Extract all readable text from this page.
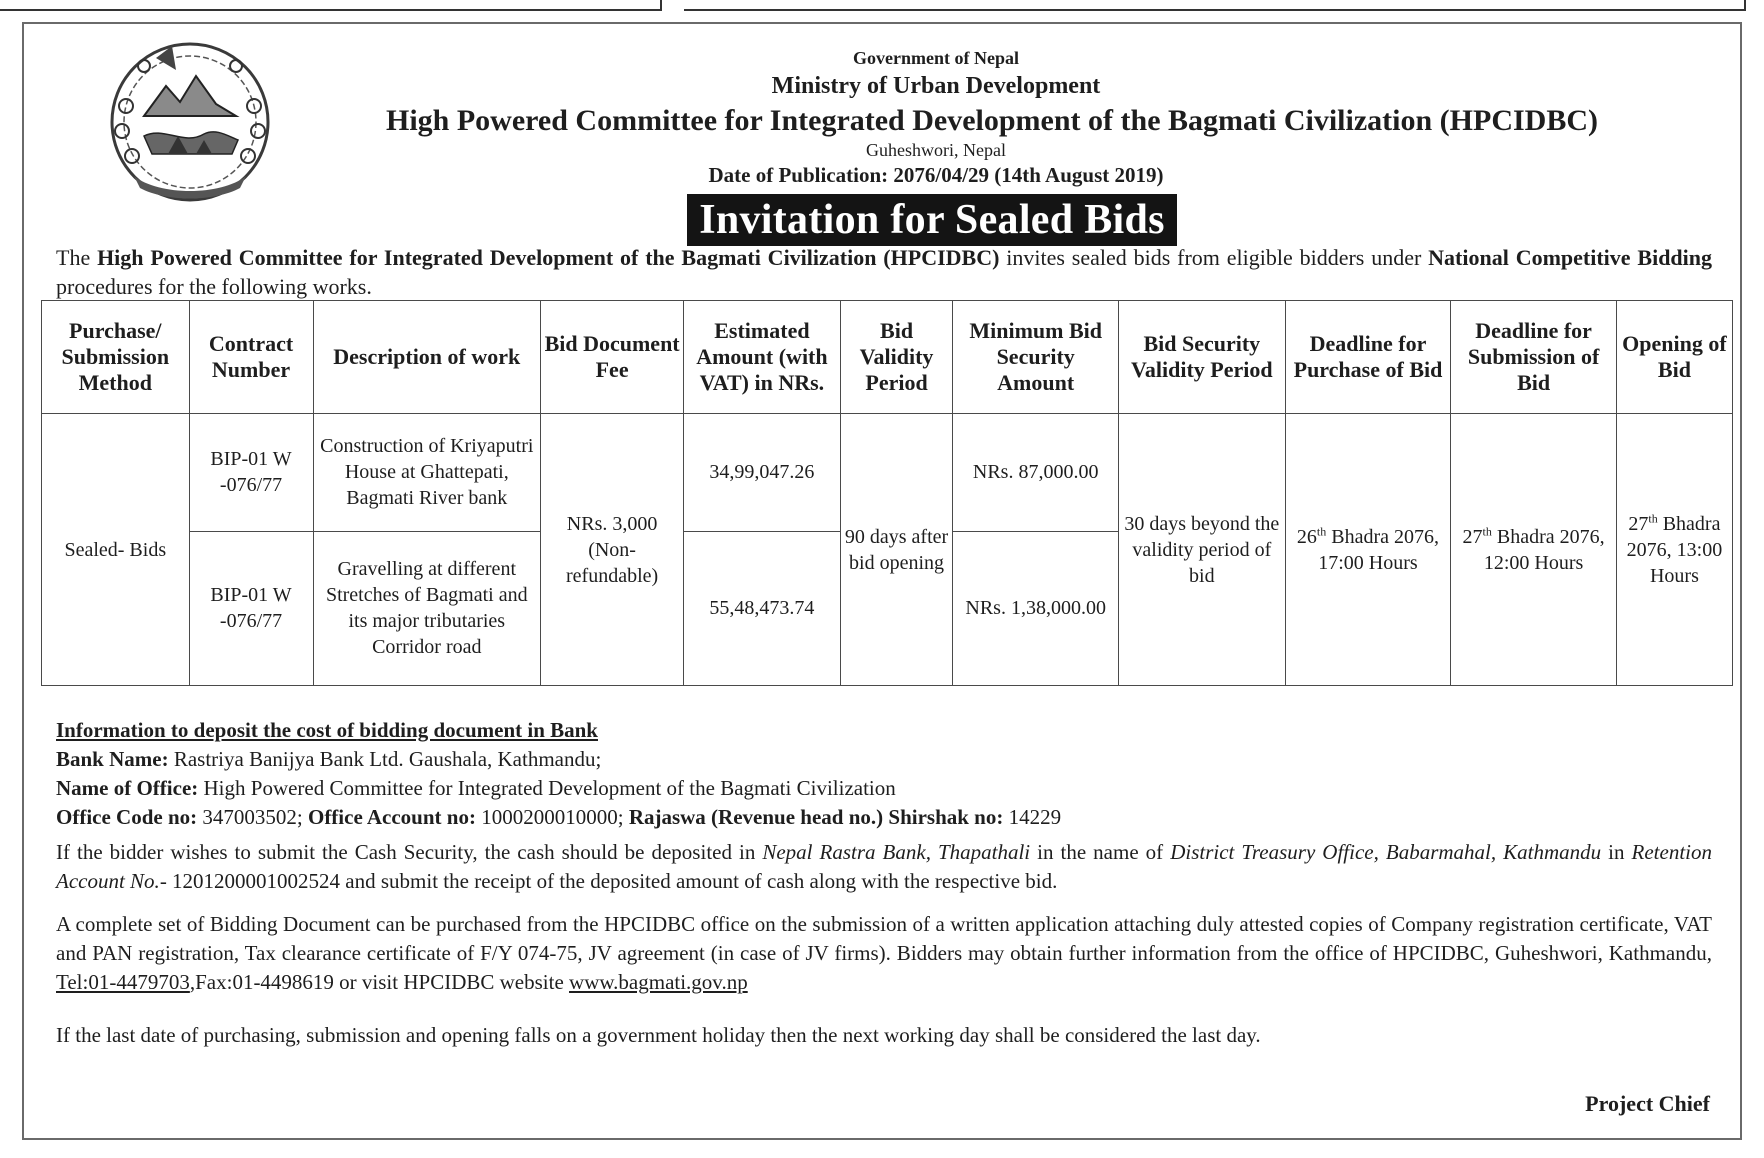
Government of Nepal
Ministry of Urban Development
High Powered Committee for Integrated Development of the Bagmati Civilization (HPCIDBC)
Guheshwori, Nepal
Date of Publication: 2076/04/29 (14th August 2019)
Invitation for Sealed Bids
The High Powered Committee for Integrated Development of the Bagmati Civilization (HPCIDBC) invites sealed bids from eligible bidders under National Competitive Bidding procedures for the following works.
Purchase/ Submission Method	Contract Number	Description of work	Bid Document Fee	Estimated Amount (with VAT) in NRs.	Bid Validity Period	Minimum Bid Security Amount	Bid Security Validity Period	Deadline for Purchase of Bid	Deadline for Submission of Bid	Opening of Bid
Sealed- Bids	BIP-01 W -076/77	Construction of Kriyaputri House at Ghattepati, Bagmati River bank	NRs. 3,000 (Non-refundable)	34,99,047.26	90 days after bid opening	NRs. 87,000.00	30 days beyond the validity period of bid	26th Bhadra 2076, 17:00 Hours	27th Bhadra 2076, 12:00 Hours	27th Bhadra 2076, 13:00 Hours
	BIP-01 W -076/77	Gravelling at different Stretches of Bagmati and its major tributaries Corridor road		55,48,473.74		NRs. 1,38,000.00				
Information to deposit the cost of bidding document in Bank
Bank Name: Rastriya Banijya Bank Ltd. Gaushala, Kathmandu;
Name of Office: High Powered Committee for Integrated Development of the Bagmati Civilization
Office Code no: 347003502; Office Account no: 1000200010000; Rajaswa (Revenue head no.) Shirshak no: 14229
If the bidder wishes to submit the Cash Security, the cash should be deposited in Nepal Rastra Bank, Thapathali in the name of District Treasury Office, Babarmahal, Kathmandu in Retention Account No.- 1201200001002524 and submit the receipt of the deposited amount of cash along with the respective bid.
A complete set of Bidding Document can be purchased from the HPCIDBC office on the submission of a written application attaching duly attested copies of Company registration certificate, VAT and PAN registration, Tax clearance certificate of F/Y 074-75, JV agreement (in case of JV firms). Bidders may obtain further information from the office of HPCIDBC, Guheshwori, Kathmandu, Tel:01-4479703,Fax:01-4498619 or visit HPCIDBC website www.bagmati.gov.np
If the last date of purchasing, submission and opening falls on a government holiday then the next working day shall be considered the last day.
Project Chief
